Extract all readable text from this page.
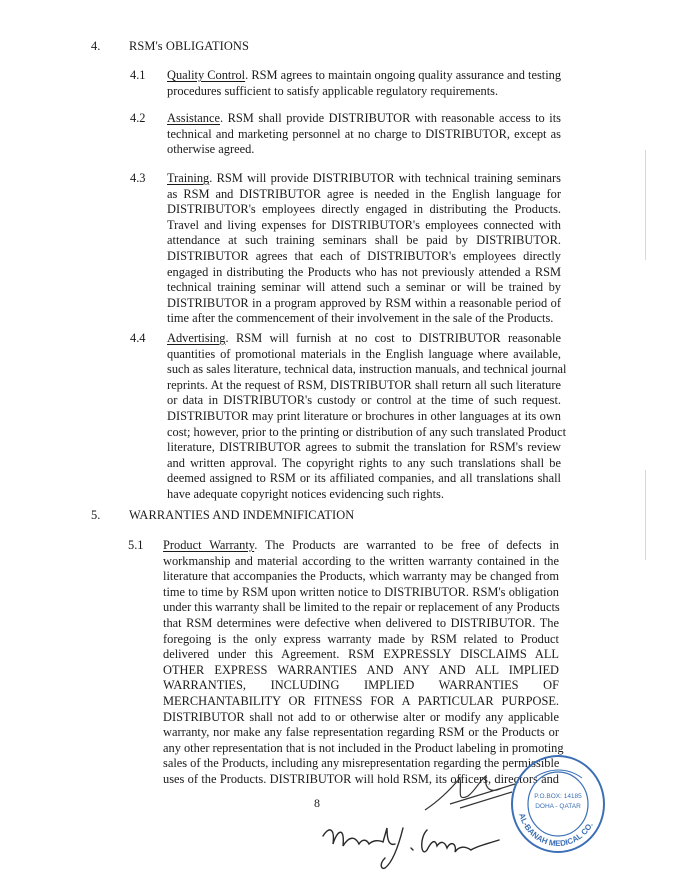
4. RSM's OBLIGATIONS
4.1 Quality Control. RSM agrees to maintain ongoing quality assurance and testing
procedures sufficient to satisfy applicable regulatory requirements.
4.2 Assistance. RSM shall provide DISTRIBUTOR with reasonable access to its
technical and marketing personnel at no charge to DISTRIBUTOR, except as
otherwise agreed.
4.3 Training. RSM will provide DISTRIBUTOR with technical training seminars
as RSM and DISTRIBUTOR agree is needed in the English language for
DISTRIBUTOR's employees directly engaged in distributing the Products.
Travel and living expenses for DISTRIBUTOR's employees connected with
attendance at such training seminars shall be paid by DISTRIBUTOR.
DISTRIBUTOR agrees that each of DISTRIBUTOR's employees directly
engaged in distributing the Products who has not previously attended a RSM
technical training seminar will attend such a seminar or will be trained by
DISTRIBUTOR in a program approved by RSM within a reasonable period of
time after the commencement of their involvement in the sale of the Products.
4.4 Advertising. RSM will furnish at no cost to DISTRIBUTOR reasonable
quantities of promotional materials in the English language where available,
such as sales literature, technical data, instruction manuals, and technical journal
reprints. At the request of RSM, DISTRIBUTOR shall return all such literature
or data in DISTRIBUTOR's custody or control at the time of such request.
DISTRIBUTOR may print literature or brochures in other languages at its own
cost; however, prior to the printing or distribution of any such translated Product
literature, DISTRIBUTOR agrees to submit the translation for RSM's review
and written approval. The copyright rights to any such translations shall be
deemed assigned to RSM or its affiliated companies, and all translations shall
have adequate copyright notices evidencing such rights.
5. WARRANTIES AND INDEMNIFICATION
5.1 Product Warranty. The Products are warranted to be free of defects in
workmanship and material according to the written warranty contained in the
literature that accompanies the Products, which warranty may be changed from
time to time by RSM upon written notice to DISTRIBUTOR. RSM's obligation
under this warranty shall be limited to the repair or replacement of any Products
that RSM determines were defective when delivered to DISTRIBUTOR. The
foregoing is the only express warranty made by RSM related to Product
delivered under this Agreement. RSM EXPRESSLY DISCLAIMS ALL
OTHER EXPRESS WARRANTIES AND ANY AND ALL IMPLIED
WARRANTIES, INCLUDING IMPLIED WARRANTIES OF
MERCHANTABILITY OR FITNESS FOR A PARTICULAR PURPOSE.
DISTRIBUTOR shall not add to or otherwise alter or modify any applicable
warranty, nor make any false representation regarding RSM or the Products or
any other representation that is not included in the Product labeling in promoting
sales of the Products, including any misrepresentation regarding the permissible
uses of the Products. DISTRIBUTOR will hold RSM, its officers, directors and
8	P.O.BOX: 14185
DOHA - QATAR
AL-BANAH MEDICAL CO.
